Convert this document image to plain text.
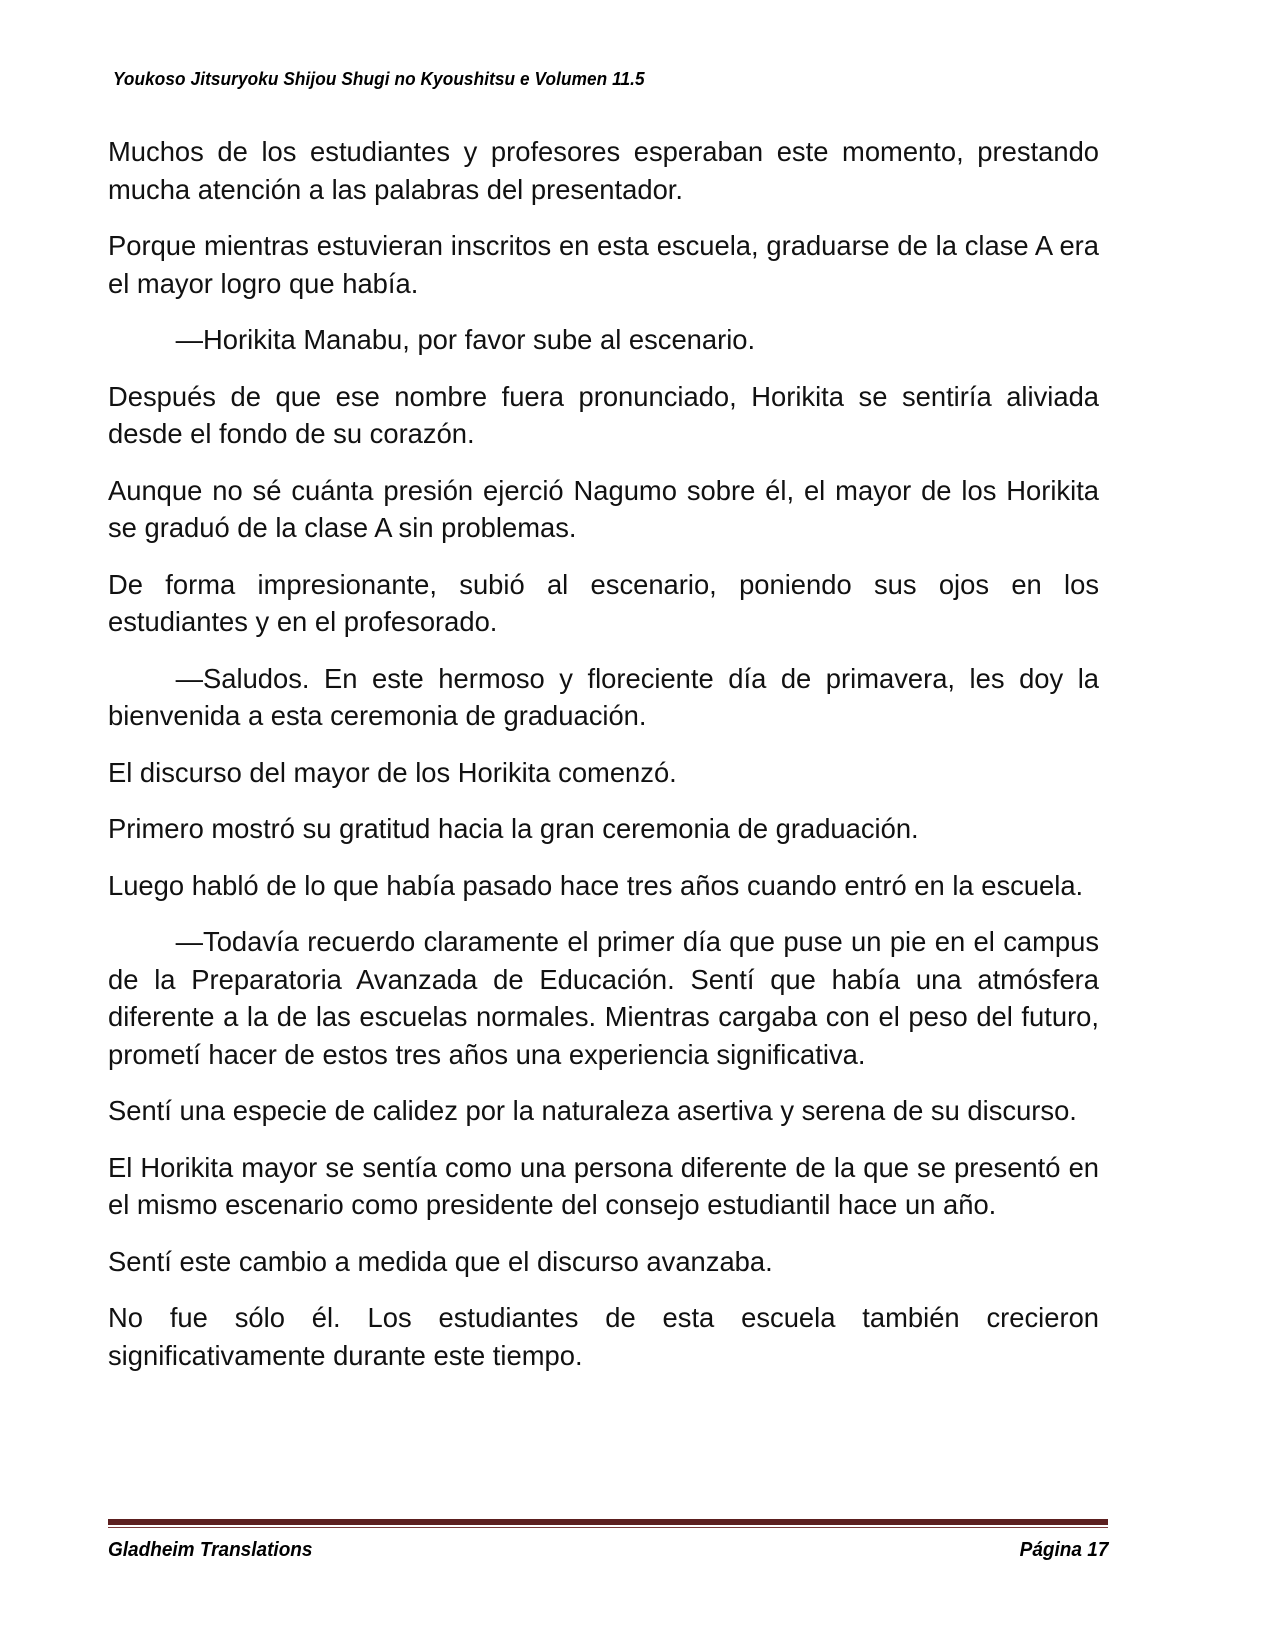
Youkoso Jitsuryoku Shijou Shugi no Kyoushitsu e Volumen 11.5

Muchos de los estudiantes y profesores esperaban este momento, prestando mucha atención a las palabras del presentador.

Porque mientras estuvieran inscritos en esta escuela, graduarse de la clase A era el mayor logro que había.

—Horikita Manabu, por favor sube al escenario.

Después de que ese nombre fuera pronunciado, Horikita se sentiría aliviada desde el fondo de su corazón.

Aunque no sé cuánta presión ejerció Nagumo sobre él, el mayor de los Horikita se graduó de la clase A sin problemas.

De forma impresionante, subió al escenario, poniendo sus ojos en los estudiantes y en el profesorado.

—Saludos. En este hermoso y floreciente día de primavera, les doy la bienvenida a esta ceremonia de graduación.

El discurso del mayor de los Horikita comenzó.

Primero mostró su gratitud hacia la gran ceremonia de graduación.

Luego habló de lo que había pasado hace tres años cuando entró en la escuela.

—Todavía recuerdo claramente el primer día que puse un pie en el campus de la Preparatoria Avanzada de Educación. Sentí que había una atmósfera diferente a la de las escuelas normales. Mientras cargaba con el peso del futuro, prometí hacer de estos tres años una experiencia significativa.

Sentí una especie de calidez por la naturaleza asertiva y serena de su discurso.

El Horikita mayor se sentía como una persona diferente de la que se presentó en el mismo escenario como presidente del consejo estudiantil hace un año.

Sentí este cambio a medida que el discurso avanzaba.

No fue sólo él. Los estudiantes de esta escuela también crecieron significativamente durante este tiempo.

Gladheim Translations	Página 17
